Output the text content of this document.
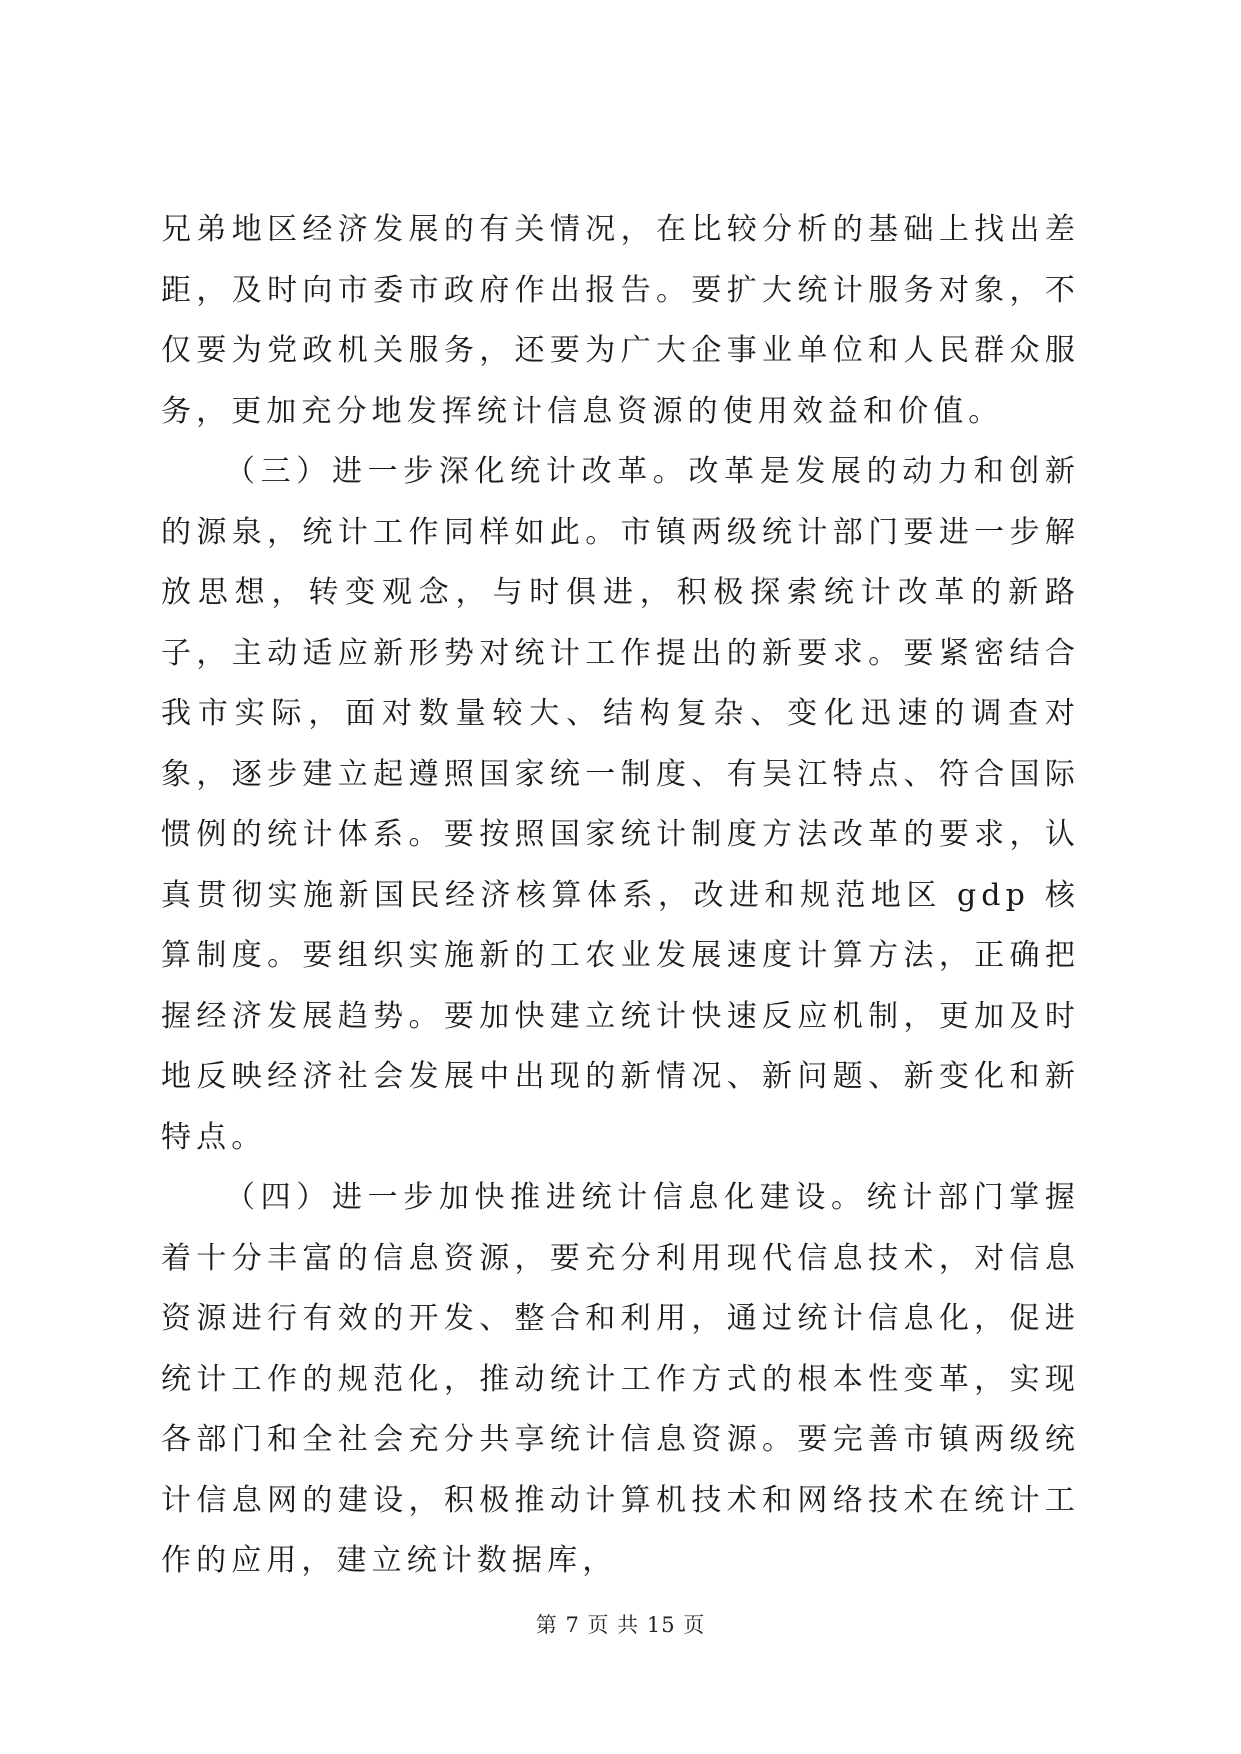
兄弟地区经济发展的有关情况，在比较分析的基础上找出差距，及时向市委市政府作出报告。要扩大统计服务对象，不仅要为党政机关服务，还要为广大企事业单位和人民群众服务，更加充分地发挥统计信息资源的使用效益和价值。

（三）进一步深化统计改革。改革是发展的动力和创新的源泉，统计工作同样如此。市镇两级统计部门要进一步解放思想，转变观念，与时俱进，积极探索统计改革的新路子，主动适应新形势对统计工作提出的新要求。要紧密结合我市实际，面对数量较大、结构复杂、变化迅速的调查对象，逐步建立起遵照国家统一制度、有吴江特点、符合国际惯例的统计体系。要按照国家统计制度方法改革的要求，认真贯彻实施新国民经济核算体系，改进和规范地区 gdp 核算制度。要组织实施新的工农业发展速度计算方法，正确把握经济发展趋势。要加快建立统计快速反应机制，更加及时地反映经济社会发展中出现的新情况、新问题、新变化和新特点。

（四）进一步加快推进统计信息化建设。统计部门掌握着十分丰富的信息资源，要充分利用现代信息技术，对信息资源进行有效的开发、整合和利用，通过统计信息化，促进统计工作的规范化，推动统计工作方式的根本性变革，实现各部门和全社会充分共享统计信息资源。要完善市镇两级统计信息网的建设，积极推动计算机技术和网络技术在统计工作的应用，建立统计数据库，

第 7 页 共 15 页
